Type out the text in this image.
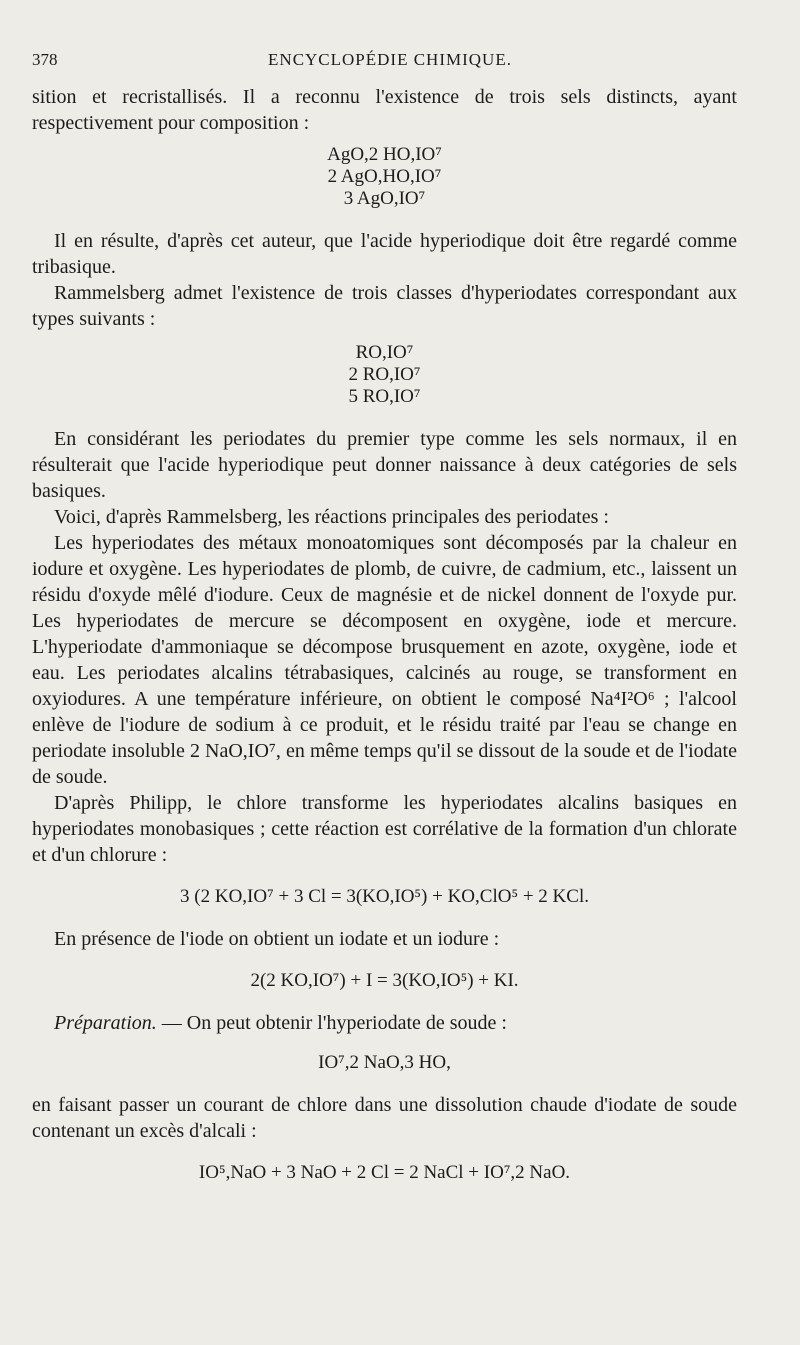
378	ENCYCLOPÉDIE CHIMIQUE.

sition et recristallisés. Il a reconnu l'existence de trois sels distincts, ayant respectivement pour composition :

AgO,2 HO,IO⁷
2 AgO,HO,IO⁷
3 AgO,IO⁷

Il en résulte, d'après cet auteur, que l'acide hyperiodique doit être regardé comme tribasique.

Rammelsberg admet l'existence de trois classes d'hyperiodates correspondant aux types suivants :

RO,IO⁷
2 RO,IO⁷
5 RO,IO⁷

En considérant les periodates du premier type comme les sels normaux, il en résulterait que l'acide hyperiodique peut donner naissance à deux catégories de sels basiques.

Voici, d'après Rammelsberg, les réactions principales des periodates :

Les hyperiodates des métaux monoatomiques sont décomposés par la chaleur en iodure et oxygène. Les hyperiodates de plomb, de cuivre, de cadmium, etc., laissent un résidu d'oxyde mêlé d'iodure. Ceux de magnésie et de nickel donnent de l'oxyde pur. Les hyperiodates de mercure se décomposent en oxygène, iode et mercure. L'hyperiodate d'ammoniaque se décompose brusquement en azote, oxygène, iode et eau. Les periodates alcalins tétrabasiques, calcinés au rouge, se transforment en oxyiodures. A une température inférieure, on obtient le composé Na⁴I²O⁶ ; l'alcool enlève de l'iodure de sodium à ce produit, et le résidu traité par l'eau se change en periodate insoluble 2 NaO,IO⁷, en même temps qu'il se dissout de la soude et de l'iodate de soude.

D'après Philipp, le chlore transforme les hyperiodates alcalins basiques en hyperiodates monobasiques ; cette réaction est corrélative de la formation d'un chlorate et d'un chlorure :

3 (2 KO,IO⁷ + 3 Cl = 3(KO,IO⁵) + KO,ClO⁵ + 2 KCl.

En présence de l'iode on obtient un iodate et un iodure :

2(2 KO,IO⁷) + I = 3(KO,IO⁵) + KI.

Préparation. — On peut obtenir l'hyperiodate de soude :

IO⁷,2 NaO,3 HO,

en faisant passer un courant de chlore dans une dissolution chaude d'iodate de soude contenant un excès d'alcali :

IO⁵,NaO + 3 NaO + 2 Cl = 2 NaCl + IO⁷,2 NaO.
